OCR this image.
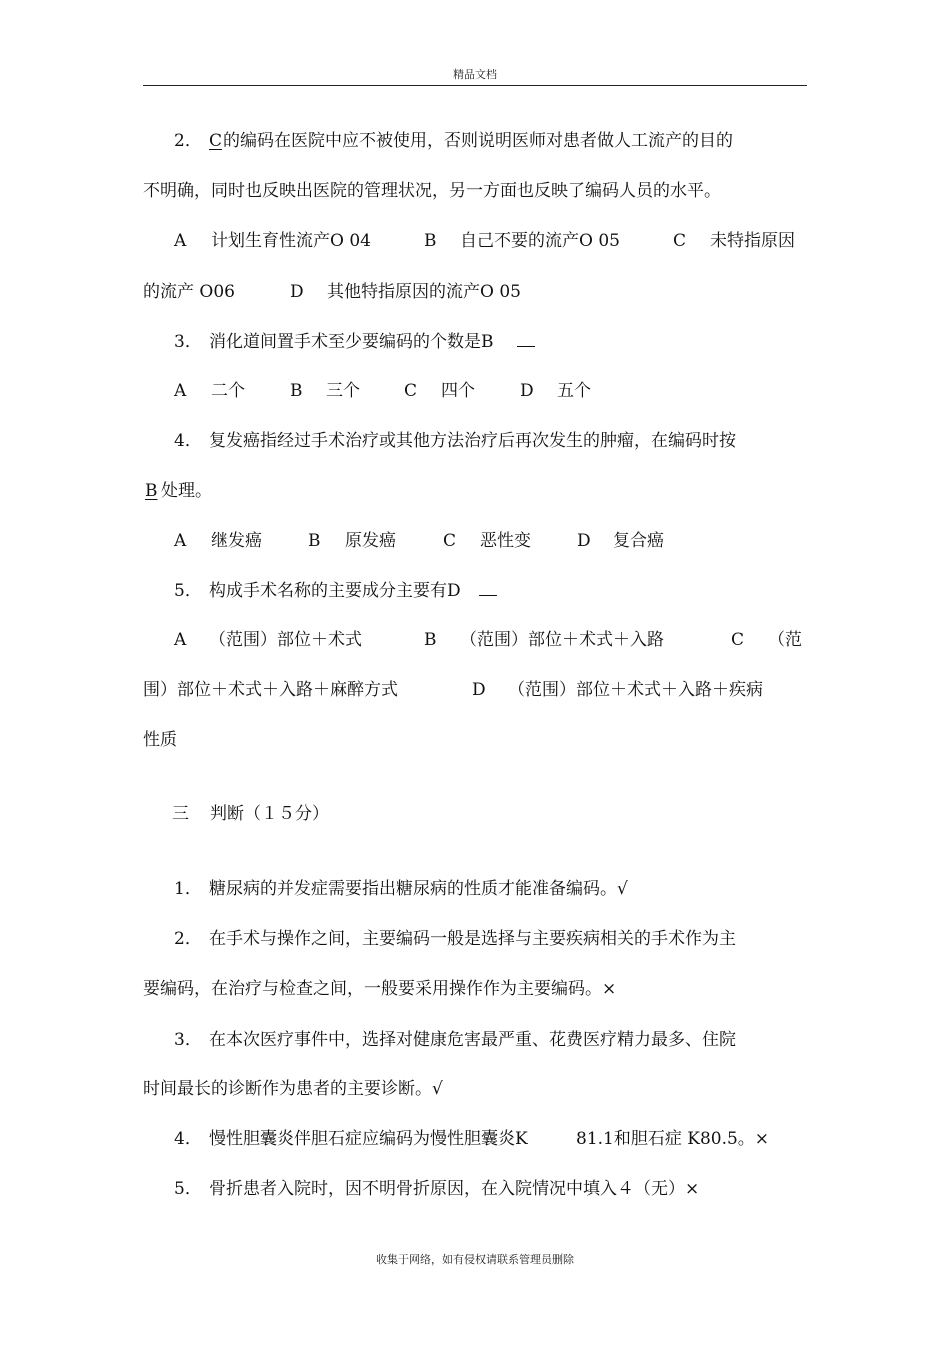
精品文档
2． C 的编码在医院中应不被使用，否则说明医师对患者做人工流产的目的
不明确，同时也反映出医院的管理状况，另一方面也反映了编码人员的水平。
A 计划生育性流产O 04	B 自己不要的流产O 05	C 未特指原因
的流产 O06	D 其他特指原因的流产O 05
3． 消化道间置手术至少要编码的个数是B
A 二个	B 三个	C 四个	D 五个
4． 复发癌指经过手术治疗或其他方法治疗后再次发生的肿瘤，在编码时按
B 处理。
A 继发癌	B 原发癌	C 恶性变	D 复合癌
5． 构成手术名称的主要成分主要有D
A （范围）部位＋术式	B （范围）部位＋术式＋入路	C （范
围）部位＋术式＋入路＋麻醉方式	D （范围）部位＋术式＋入路＋疾病
性质
三 判断（１５分）
1． 糖尿病的并发症需要指出糖尿病的性质才能准备编码。√
2． 在手术与操作之间，主要编码一般是选择与主要疾病相关的手术作为主
要编码，在治疗与检查之间，一般要采用操作作为主要编码。×
3． 在本次医疗事件中，选择对健康危害最严重、花费医疗精力最多、住院
时间最长的诊断作为患者的主要诊断。√
4． 慢性胆囊炎伴胆石症应编码为慢性胆囊炎K	81.1和胆石症 K80.5。×
5． 骨折患者入院时，因不明骨折原因，在入院情况中填入４（无）×
收集于网络，如有侵权请联系管理员删除
